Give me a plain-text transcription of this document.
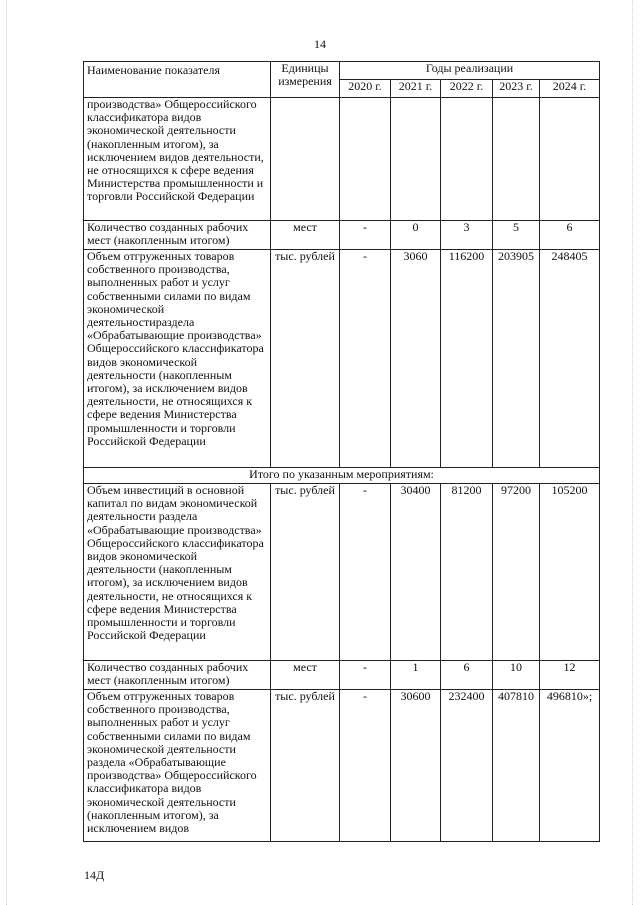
14
Наименование показателя	Единицы измерения	Годы реализации				
		2020 г.	2021 г.	2022 г.	2023 г.	2024 г.
производства» Общероссийского классификатора видов экономической деятельности (накопленным итогом), за исключением видов деятельности, не относящихся к сфере ведения Министерства промышленности и торговли Российской Федерации						
Количество созданных рабочих мест (накопленным итогом)	мест	-	0	3	5	6
Объем отгруженных товаров собственного производства, выполненных работ и услуг собственными силами по видам экономической деятельностираздела «Обрабатывающие производства» Общероссийского классификатора видов экономической деятельности (накопленным итогом), за исключением видов деятельности, не относящихся к сфере ведения Министерства промышленности и торговли Российской Федерации	тыс. рублей	-	3060	116200	203905	248405
Итого по указанным мероприятиям:						
Объем инвестиций в основной капитал по видам экономической деятельности раздела «Обрабатывающие производства» Общероссийского классификатора видов экономической деятельности (накопленным итогом), за исключением видов деятельности, не относящихся к сфере ведения Министерства промышленности и торговли Российской Федерации	тыс. рублей	-	30400	81200	97200	105200
Количество созданных рабочих мест (накопленным итогом)	мест	-	1	6	10	12
Объем отгруженных товаров собственного производства, выполненных работ и услуг собственными силами по видам экономической деятельности раздела «Обрабатывающие производства» Общероссийского классификатора видов экономической деятельности (накопленным итогом), за исключением видов	тыс. рублей	-	30600	232400	407810	496810»;
14Д
